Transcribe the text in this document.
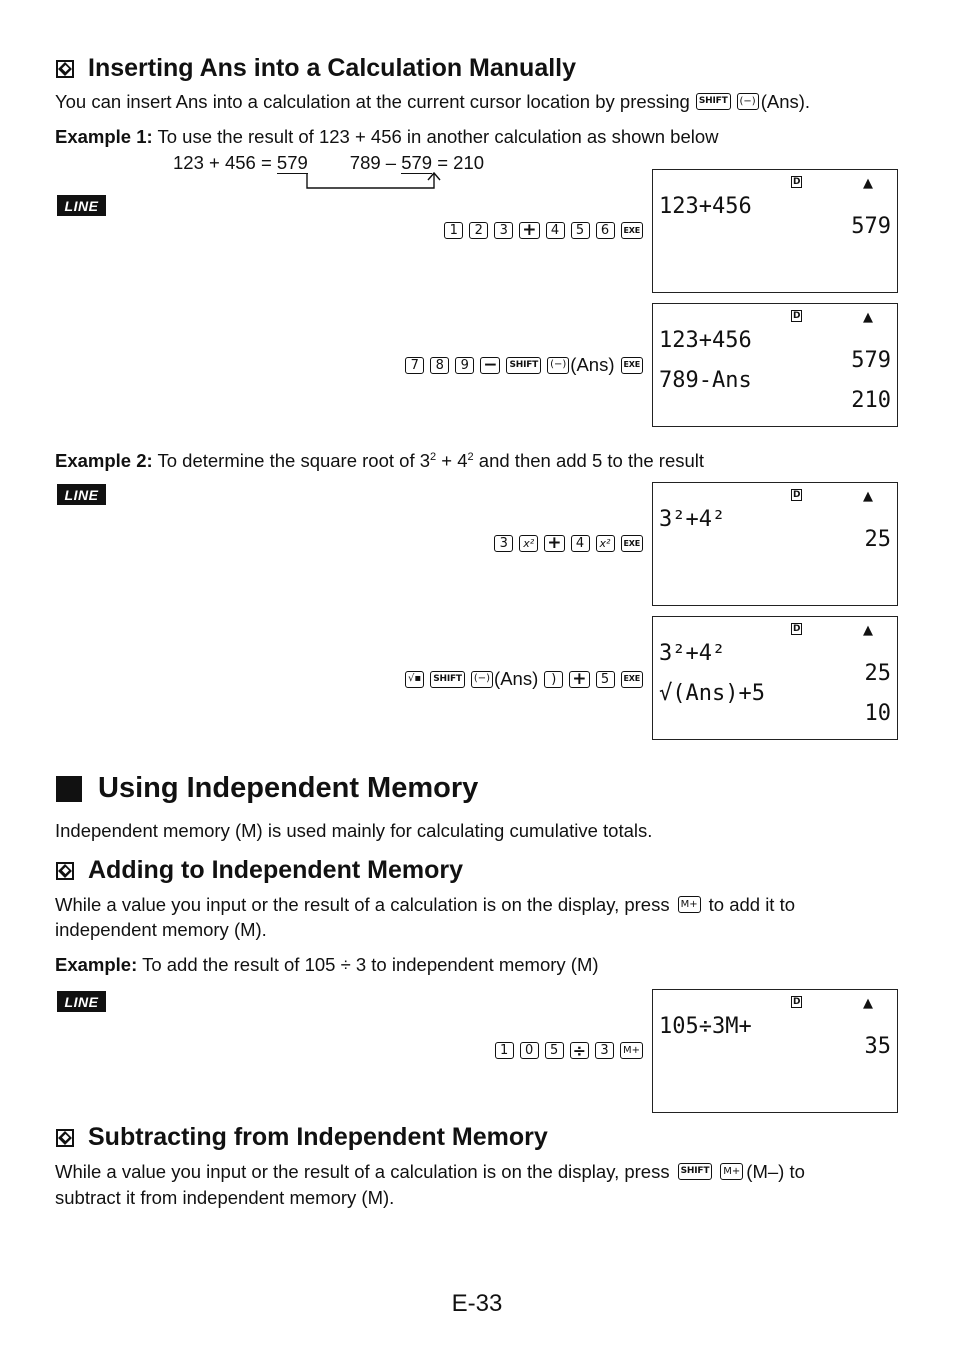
Inserting Ans into a Calculation Manually
You can insert Ans into a calculation at the current cursor location by pressing	SHIFT	(−) (Ans).
Example 1: To use the result of 123 + 456 in another calculation as shown below
123 + 456 = 579 789 – 579 = 210
LINE
1	2	3 +	4	5	6	EXE
D	▲
123+456
579
7	8	9 −	SHIFT	(−) (Ans)	EXE
D	▲
123+456
579
789-Ans
210
Example 2: To determine the square root of $3^2 + 4^2$ and then add 5 to the result
LINE
3	x² +	4	x²	EXE
D	▲
3²+4²
25
√▪	SHIFT	(−) (Ans) ) +	5	EXE
D	▲
3²+4²
25
√(Ans)+5
10
Using Independent Memory
Independent memory (M) is used mainly for calculating cumulative totals.
Adding to Independent Memory
While a value you input or the result of a calculation is on the display, press	M+ to add it to
independent memory (M).
Example: To add the result of 105 ÷ 3 to independent memory (M)
LINE
1	0	5 ÷	3	M+
D	▲
105÷3M+
35
Subtracting from Independent Memory
While a value you input or the result of a calculation is on the display, press	SHIFT	M+ (M–) to
subtract it from independent memory (M).
E-33
